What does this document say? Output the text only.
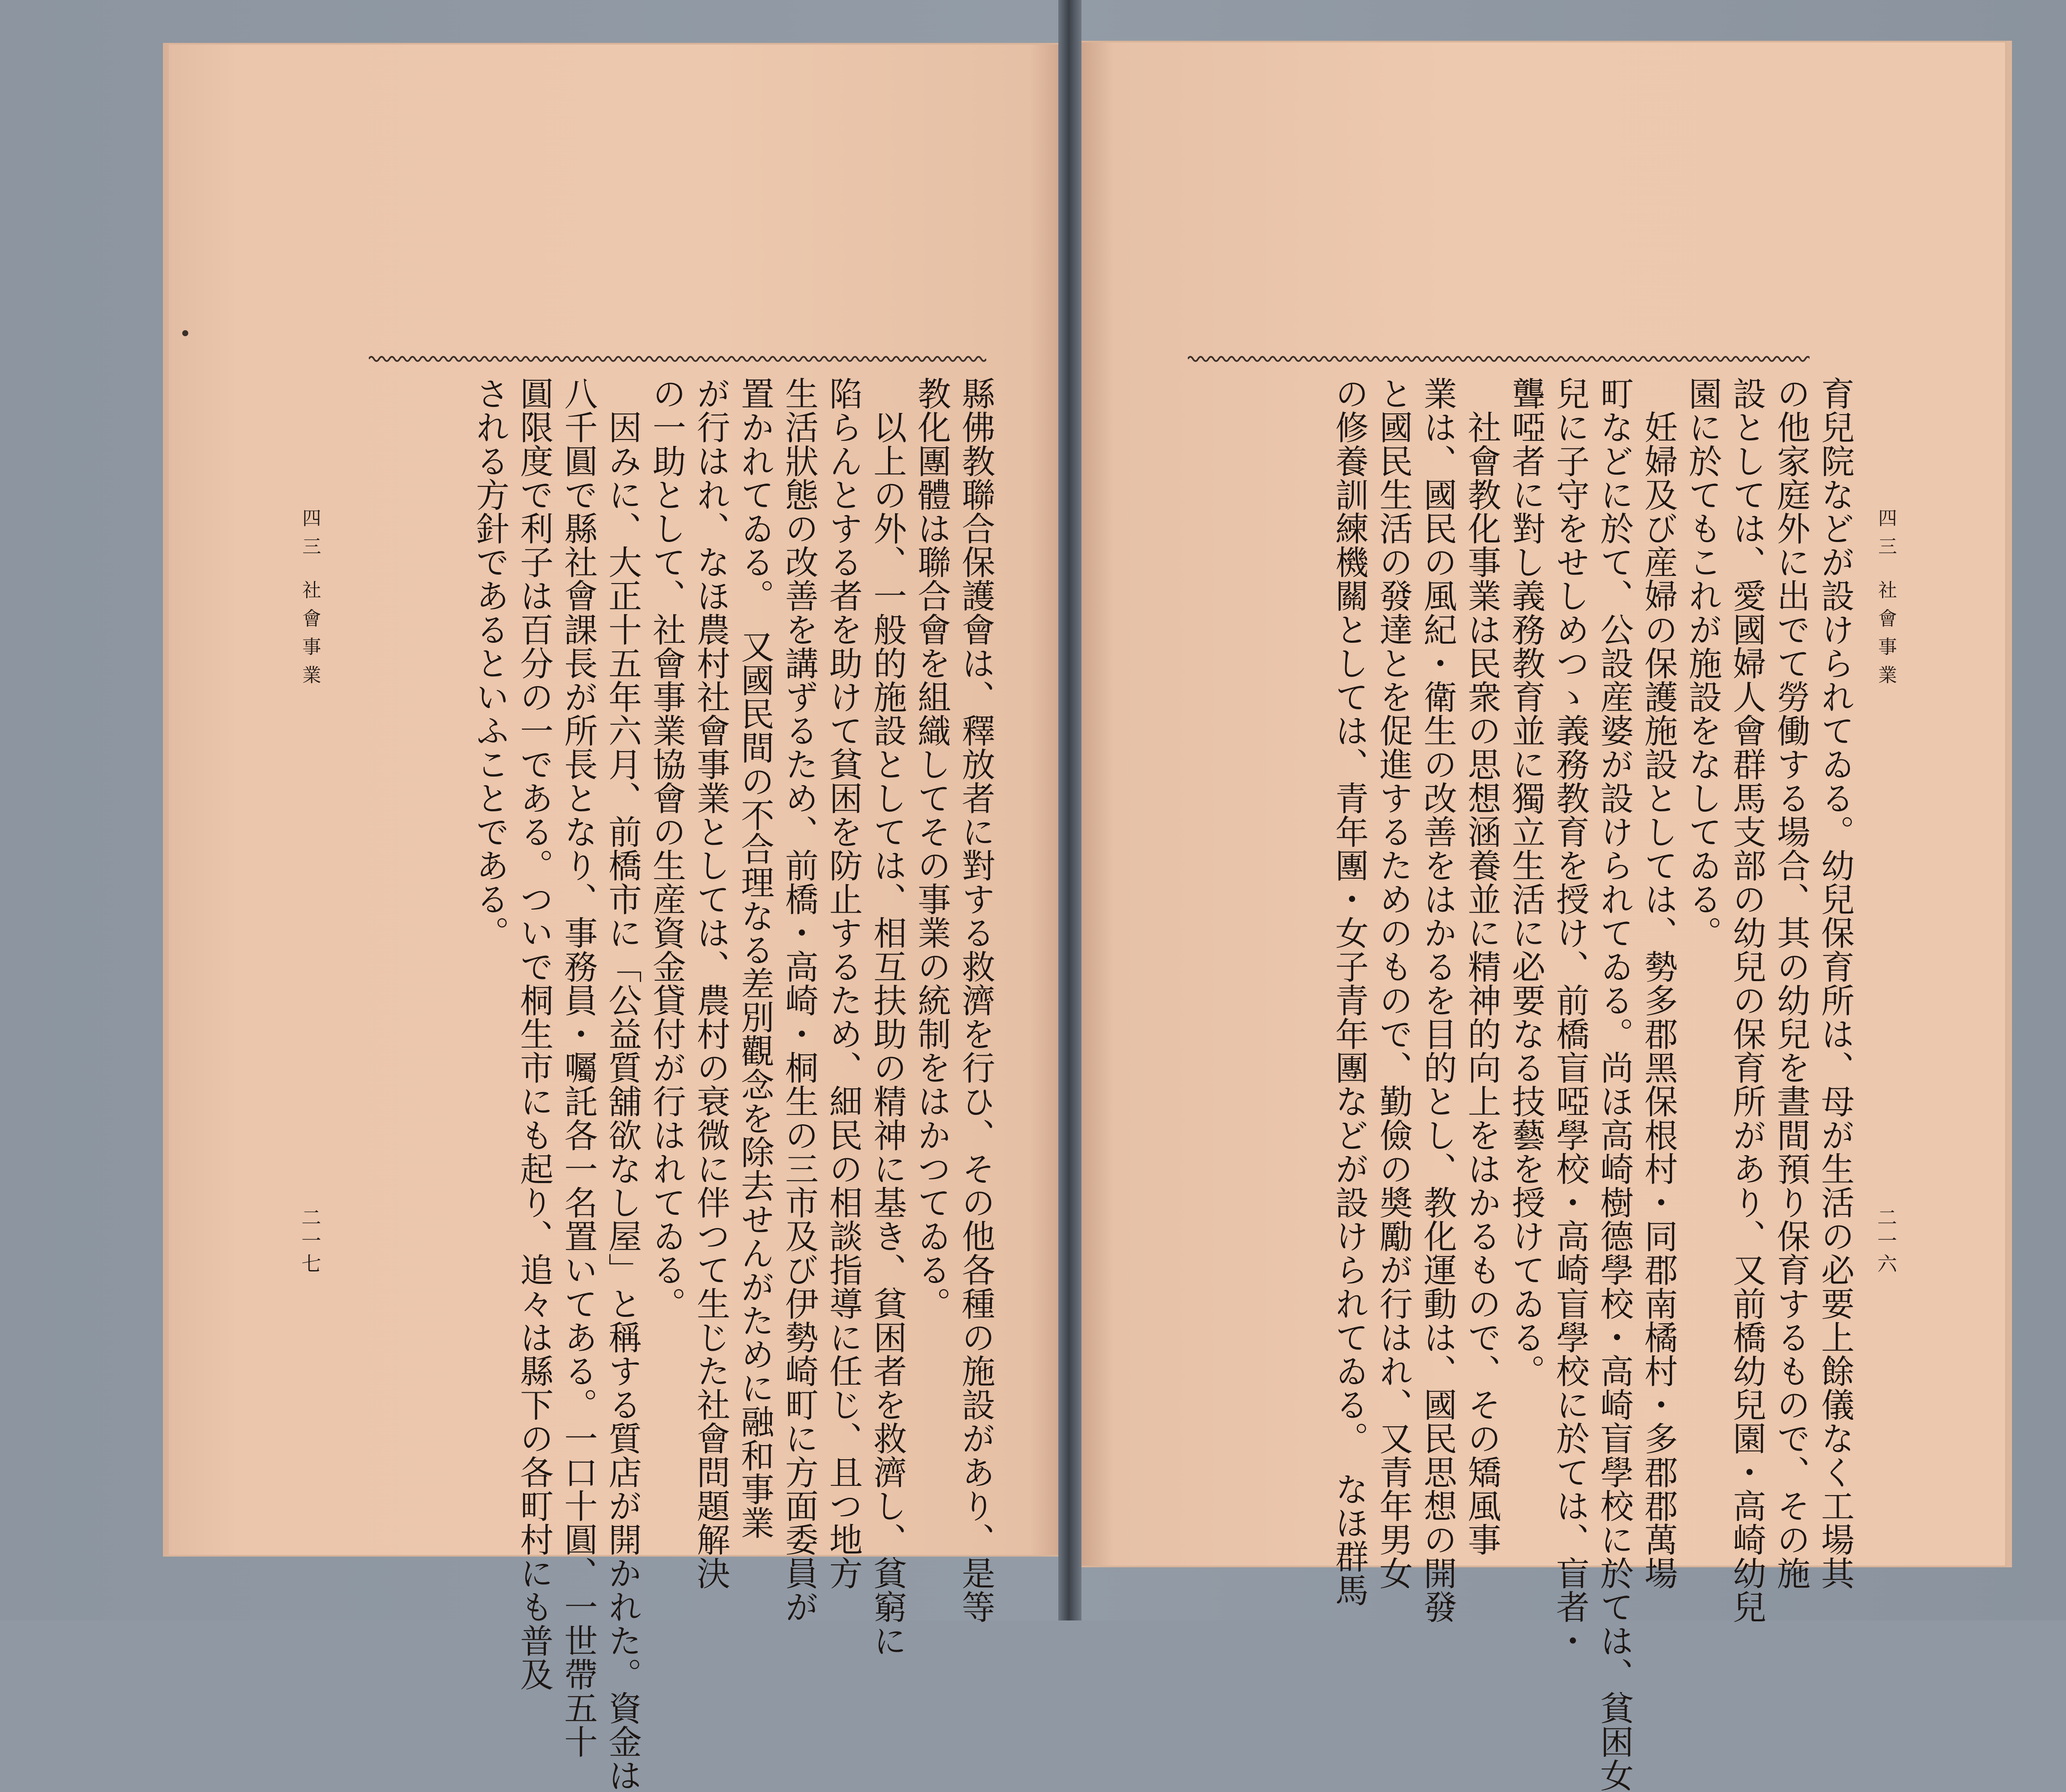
四三 社會事業
二一六
育兒院などが設けられてゐる。幼兒保育所は、母が生活の必要上餘儀なく工場其
の他家庭外に出でて勞働する場合、其の幼兒を晝間預り保育するもので、その施
設としては、愛國婦人會群馬支部の幼兒の保育所があり、又前橋幼兒園・高崎幼兒
園に於てもこれが施設をなしてゐる。
　妊婦及び産婦の保護施設としては、勢多郡黑保根村・同郡南橘村・多郡郡萬場
町などに於て、公設産婆が設けられてゐる。尚ほ高崎樹德學校・高崎盲學校に於ては、貧困女
兒に子守をせしめつゝ義務教育を授け、前橋盲啞學校・高崎盲學校に於ては、盲者・
聾啞者に對し義務教育並に獨立生活に必要なる技藝を授けてゐる。
　社會教化事業は民衆の思想涵養並に精神的向上をはかるもので、その矯風事
業は、國民の風紀・衛生の改善をはかるを目的とし、教化運動は、國民思想の開發
と國民生活の發達とを促進するためのもので、勤儉の奬勵が行はれ、又青年男女
の修養訓練機關としては、青年團・女子青年團などが設けられてゐる。　なほ群馬
縣佛教聯合保護會は、釋放者に對する救濟を行ひ、その他各種の施設があり、是等
教化團體は聯合會を組織してその事業の統制をはかつてゐる。
　以上の外、一般的施設としては、相互扶助の精神に基き、貧困者を救濟し、貧窮に
陷らんとする者を助けて貧困を防止するため、細民の相談指導に任じ、且つ地方
生活狀態の改善を講ずるため、前橋・高崎・桐生の三市及び伊勢崎町に方面委員が
置かれてゐる。　又國民間の不合理なる差別觀念を除去せんがために融和事業
が行はれ、なほ農村社會事業としては、農村の衰微に伴つて生じた社會問題解決
の一助として、社會事業協會の生産資金貸付が行はれてゐる。
　因みに、大正十五年六月、前橋市に「公益質舖欲なし屋」と稱する質店が開かれた。資金は
八千圓で縣社會課長が所長となり、事務員・囑託各一名置いてある。一口十圓、一世帶五十
圓限度で利子は百分の一である。ついで桐生市にも起り、追々は縣下の各町村にも普及
される方針であるといふことである。
四三 社會事業
二一七
